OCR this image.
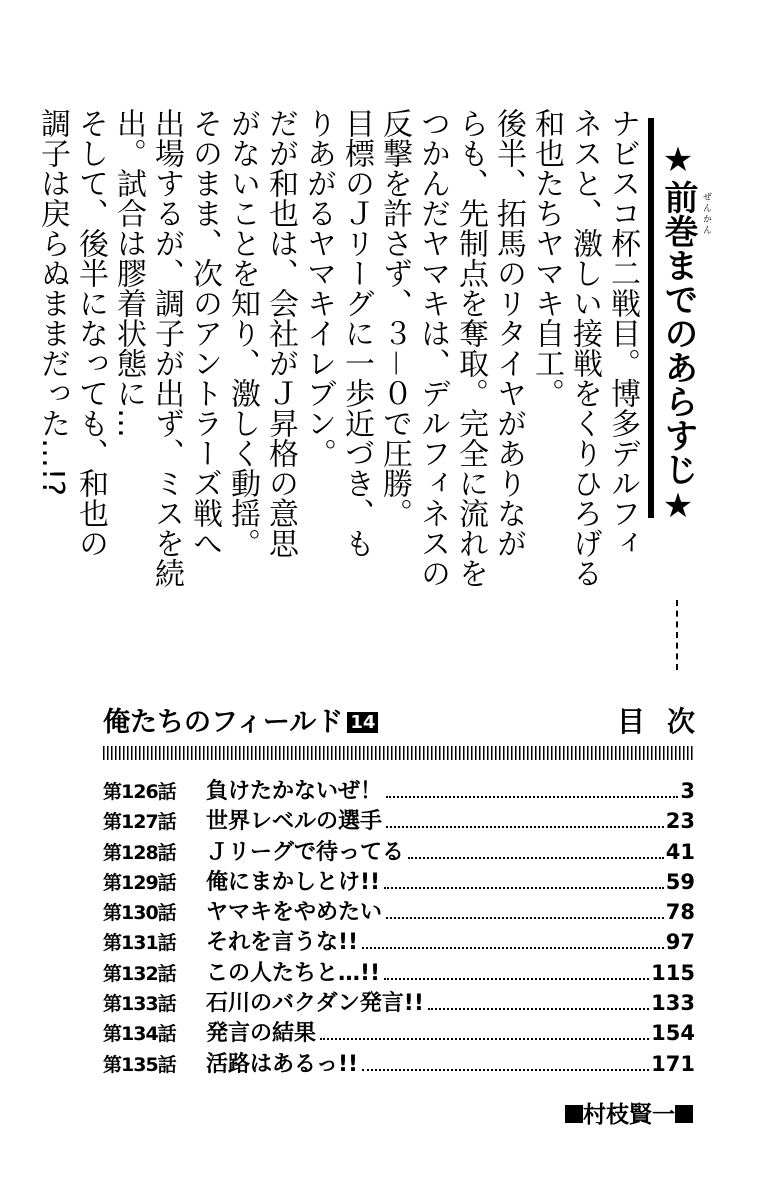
★前巻までのあらすじ★ ぜんかん
ナビスコ杯二戦目。博多デルフィ
ネスと、激しい接戦をくりひろげる
和也たちヤマキ自工。
後半、拓馬のリタイヤがありなが
らも、先制点を奪取。完全に流れを
つかんだヤマキは、デルフィネスの
反撃を許さず、３－０で圧勝。
目標のＪリーグに一歩近づき、も
りあがるヤマキイレブン。
だが和也は、会社がＪ昇格の意思
がないことを知り、激しく動揺。
そのまま、次のアントラーズ戦へ
出場するが、調子が出ず、ミスを続
出。試合は膠着状態に…
そして、後半になっても、和也の
調子は戻らぬままだった…!?
俺たちのフィールド 14	目次
第126話	負けたかないぜ！	3
第127話	世界レベルの選手	23
第128話	Ｊリーグで待ってる	41
第129話	俺にまかしとけ!!	59
第130話	ヤマキをやめたい	78
第131話	それを言うな!!	97
第132話	この人たちと…!!	115
第133話	石川のバクダン発言!!	133
第134話	発言の結果	154
第135話	活路はあるっ!!	171
村枝賢一
